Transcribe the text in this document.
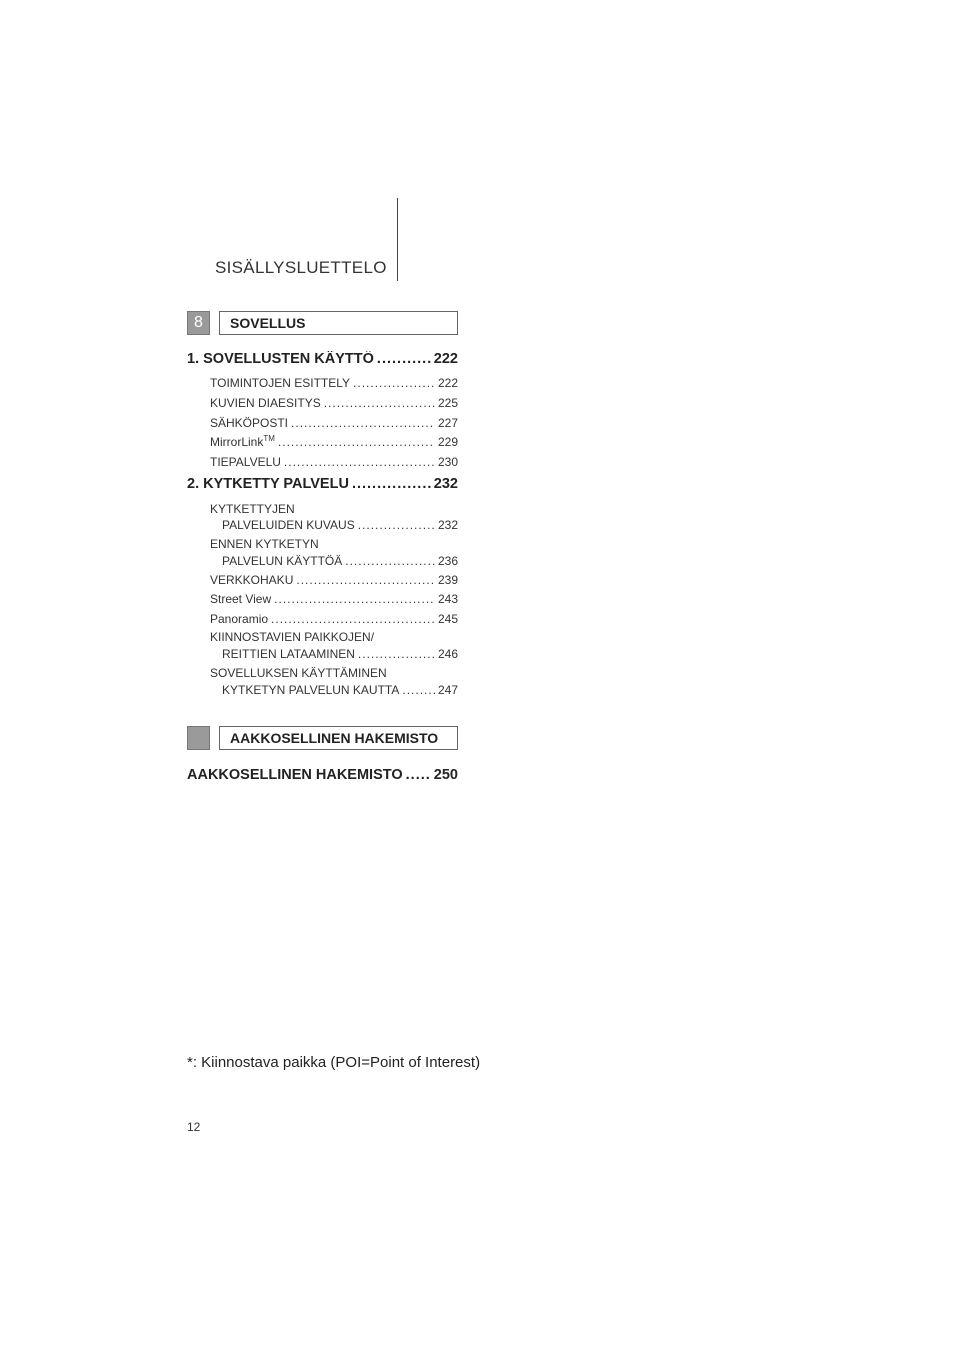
SISÄLLYSLUETTELO
8	SOVELLUS
1. SOVELLUSTEN KÄYTTÖ .....	222
TOIMINTOJEN ESITTELY .....	222
KUVIEN DIAESITYS .....	225
SÄHKÖPOSTI .....	227
MirrorLink™ .....	229
TIEPALVELU .....	230
2. KYTKETTY PALVELU .....	232
KYTKETTYJEN
PALVELUIDEN KUVAUS .....	232
ENNEN KYTKETYN
PALVELUN KÄYTTÖÄ .....	236
VERKKOHAKU .....	239
Street View .....	243
Panoramio .....	245
KIINNOSTAVIEN PAIKKOJEN/
REITTIEN LATAAMINEN .....	246
SOVELLUKSEN KÄYTTÄMINEN
KYTKETYN PALVELUN KAUTTA .....	247
AAKKOSELLINEN HAKEMISTO
AAKKOSELLINEN HAKEMISTO ..... 250
*: Kiinnostava paikka (POI=Point of Interest)
12
